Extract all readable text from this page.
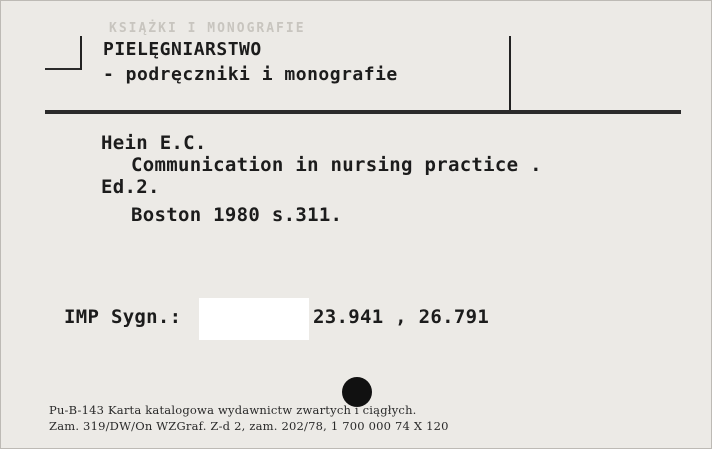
KSIĄŻKI I MONOGRAFIE
PIELĘGNIARSTWO
- podręczniki i monografie
Hein E.C.
Communication in nursing practice .
Ed.2.
Boston 1980 s.311.
IMP Sygn.:	23.941 , 26.791
Pu-B-143 Karta katalogowa wydawnictw zwartych i ciągłych.
Zam. 319/DW/On WZGraf. Z-d 2, zam. 202/78, 1 700 000 74 X 120
